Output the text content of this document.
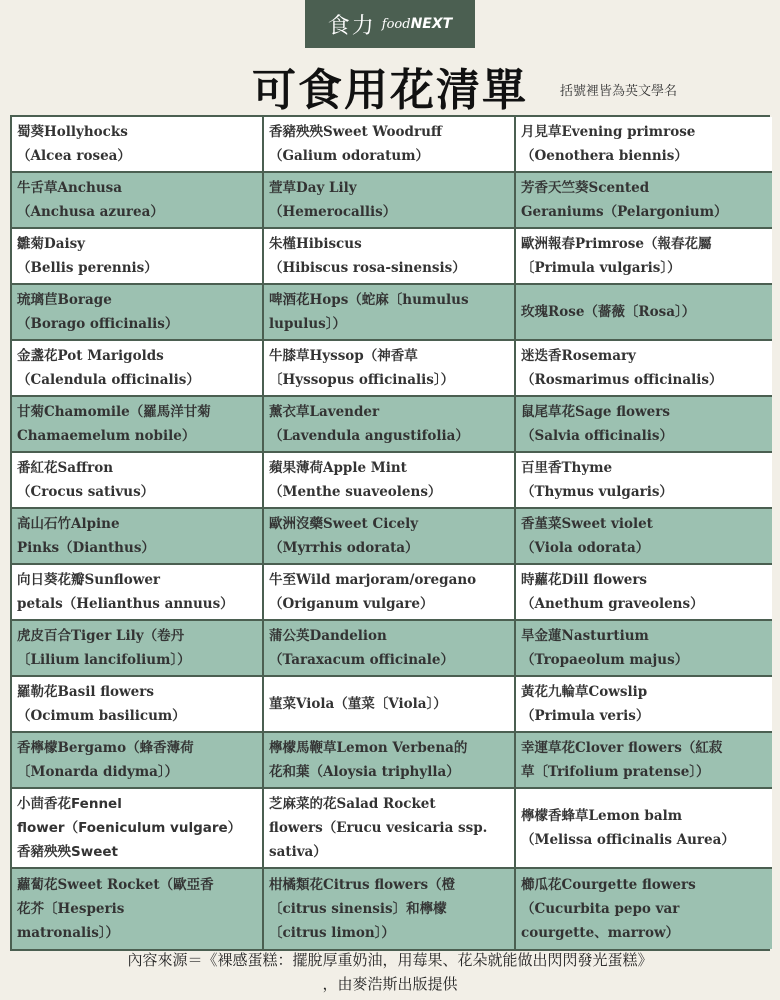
食力 foodNEXT
可食用花清單	括號裡皆為英文學名
蜀葵Hollyhocks
（Alcea rosea）
香豬殃殃Sweet Woodruff
（Galium odoratum）
月見草Evening primrose
（Oenothera biennis）
牛舌草Anchusa
（Anchusa azurea）
萱草Day Lily
（Hemerocallis）
芳香天竺葵Scented
Geraniums（Pelargonium）
雛菊Daisy
（Bellis perennis）
朱槿Hibiscus
（Hibiscus rosa-sinensis）
歐洲報春Primrose（報春花屬
〔Primula vulgaris〕）
琉璃苣Borage
（Borago officinalis）
啤酒花Hops（蛇麻〔humulus
lupulus〕）
玫瑰Rose（薔薇〔Rosa〕）
金盞花Pot Marigolds
（Calendula officinalis）
牛膝草Hyssop（神香草
〔Hyssopus officinalis〕）
迷迭香Rosemary
（Rosmarimus officinalis）
甘菊Chamomile（羅馬洋甘菊
Chamaemelum nobile）
薰衣草Lavender
（Lavendula angustifolia）
鼠尾草花Sage flowers
（Salvia officinalis）
番紅花Saffron
（Crocus sativus）
蘋果薄荷Apple Mint
（Menthe suaveolens）
百里香Thyme
（Thymus vulgaris）
高山石竹Alpine
Pinks（Dianthus）
歐洲沒藥Sweet Cicely
（Myrrhis odorata）
香堇菜Sweet violet
（Viola odorata）
向日葵花瓣Sunflower
petals（Helianthus annuus）
牛至Wild marjoram/oregano
（Origanum vulgare）
時蘿花Dill flowers
（Anethum graveolens）
虎皮百合Tiger Lily（卷丹
〔Lilium lancifolium〕）
蒲公英Dandelion
（Taraxacum officinale）
旱金蓮Nasturtium
（Tropaeolum majus）
羅勒花Basil flowers
（Ocimum basilicum）
菫菜Viola（菫菜〔Viola〕）
黃花九輪草Cowslip
（Primula veris）
香檸檬Bergamo（蜂香薄荷
〔Monarda didyma〕）
檸檬馬鞭草Lemon Verbena的
花和葉（Aloysia triphylla）
幸運草花Clover flowers（紅菽
草〔Trifolium pratense〕）
小茴香花Fennel
flower（Foeniculum vulgare）
香豬殃殃Sweet
芝麻菜的花Salad Rocket
flowers（Erucu vesicaria ssp.
sativa）
檸檬香蜂草Lemon balm
（Melissa officinalis Aurea）
蘿蔔花Sweet Rocket（歐亞香
花芥〔Hesperis
matronalis〕）
柑橘類花Citrus flowers（橙
〔citrus sinensis〕和檸檬
〔citrus limon〕）
櫛瓜花Courgette flowers
（Cucurbita pepo var
courgette、marrow）
內容來源＝《裸感蛋糕：擺脫厚重奶油，用莓果、花朵就能做出閃閃發光蛋糕》
，由麥浩斯出版提供
